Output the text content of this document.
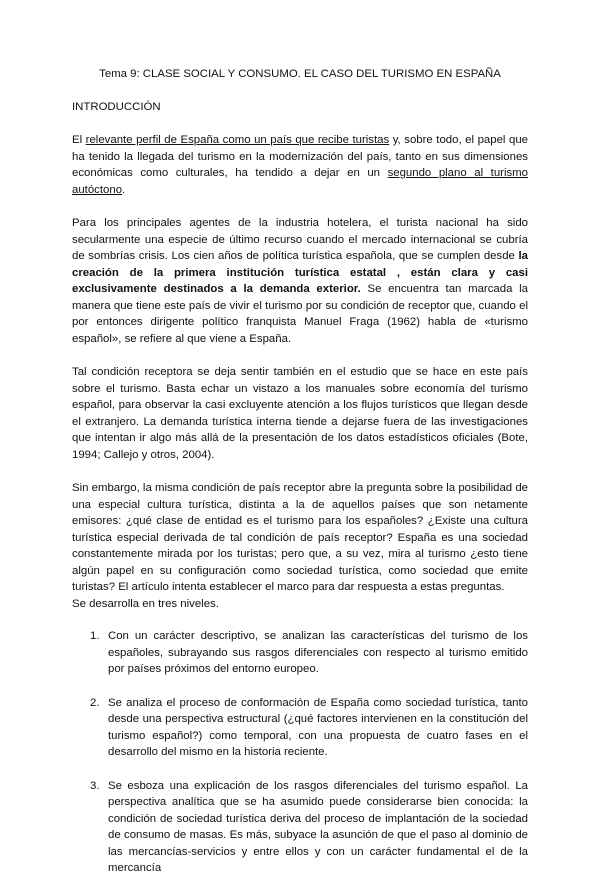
Tema 9: CLASE SOCIAL Y CONSUMO. EL CASO DEL TURISMO EN ESPAÑA
INTRODUCCIÓN

El relevante perfil de España como un país que recibe turistas y, sobre todo, el papel que ha tenido la llegada del turismo en la modernización del país, tanto en sus dimensiones económicas como culturales, ha tendido a dejar en un segundo plano al turismo autóctono.

Para los principales agentes de la industria hotelera, el turista nacional ha sido secularmente una especie de último recurso cuando el mercado internacional se cubría de sombrías crisis. Los cien años de política turística española, que se cumplen desde la creación de la primera institución turística estatal , están clara y casi exclusivamente destinados a la demanda exterior. Se encuentra tan marcada la manera que tiene este país de vivir el turismo por su condición de receptor que, cuando el por entonces dirigente político franquista Manuel Fraga (1962) habla de «turismo español», se refiere al que viene a España.

Tal condición receptora se deja sentir también en el estudio que se hace en este país sobre el turismo. Basta echar un vistazo a los manuales sobre economía del turismo español, para observar la casi excluyente atención a los flujos turísticos que llegan desde el extranjero. La demanda turística interna tiende a dejarse fuera de las investigaciones que intentan ir algo más allá de la presentación de los datos estadísticos oficiales (Bote, 1994; Callejo y otros, 2004).

Sin embargo, la misma condición de país receptor abre la pregunta sobre la posibilidad de una especial cultura turística, distinta a la de aquellos países que son netamente emisores: ¿qué clase de entidad es el turismo para los españoles? ¿Existe una cultura turística especial derivada de tal condición de país receptor? España es una sociedad constantemente mirada por los turistas; pero que, a su vez, mira al turismo ¿esto tiene algún papel en su configuración como sociedad turística, como sociedad que emite turistas? El artículo intenta establecer el marco para dar respuesta a estas preguntas.

Se desarrolla en tres niveles.

1. Con un carácter descriptivo, se analizan las características del turismo de los españoles, subrayando sus rasgos diferenciales con respecto al turismo emitido por países próximos del entorno europeo.
2. Se analiza el proceso de conformación de España como sociedad turística, tanto desde una perspectiva estructural (¿qué factores intervienen en la constitución del turismo español?) como temporal, con una propuesta de cuatro fases en el desarrollo del mismo en la historia reciente.
3. Se esboza una explicación de los rasgos diferenciales del turismo español. La perspectiva analítica que se ha asumido puede considerarse bien conocida: la condición de sociedad turística deriva del proceso de implantación de la sociedad de consumo de masas. Es más, subyace la asunción de que el paso al dominio de las mercancías-servicios y entre ellos y con un carácter fundamental el de la mercancía
